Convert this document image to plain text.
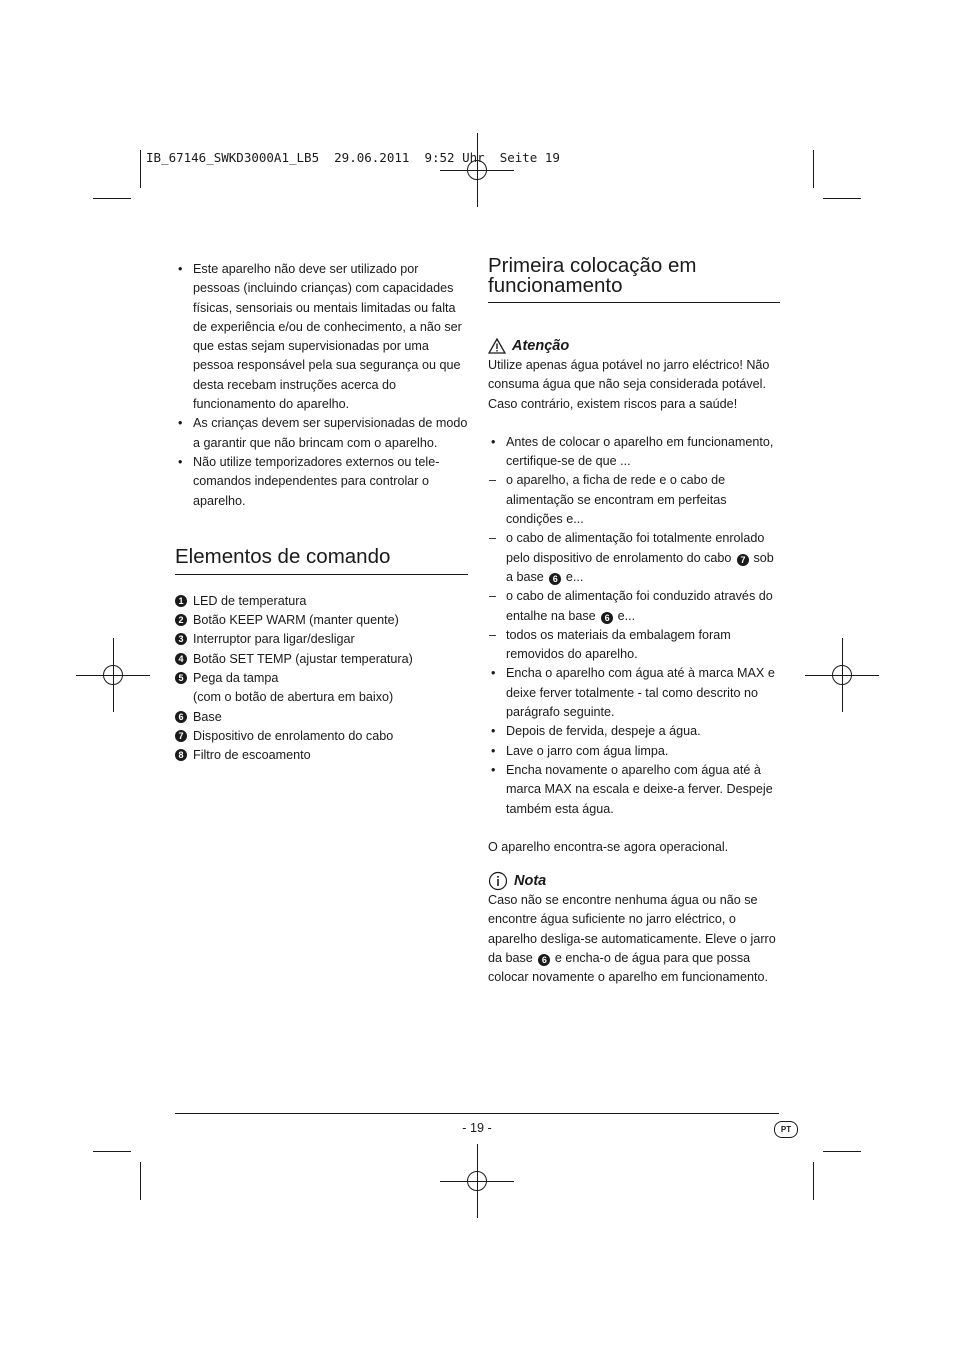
IB_67146_SWKD3000A1_LB5  29.06.2011  9:52 Uhr  Seite 19
• Este aparelho não deve ser utilizado por pessoas (incluindo crianças) com capacidades físicas, sensoriais ou mentais limitadas ou falta de experiência e/ou de conhecimento, a não ser que estas sejam supervisionadas por uma pessoa responsável pela sua segurança ou que desta recebam instruções acerca do funcionamento do aparelho.
• As crianças devem ser supervisionadas de modo a garantir que não brincam com o aparelho.
• Não utilize temporizadores externos ou tele-comandos independentes para controlar o aparelho.
Elementos de comando
1 LED de temperatura
2 Botão KEEP WARM (manter quente)
3 Interruptor para ligar/desligar
4 Botão SET TEMP (ajustar temperatura)
5 Pega da tampa
(com o botão de abertura em baixo)
6 Base
7 Dispositivo de enrolamento do cabo
8 Filtro de escoamento
Primeira colocação em funcionamento
Atenção

Utilize apenas água potável no jarro eléctrico! Não consuma água que não seja considerada potável. Caso contrário, existem riscos para a saúde!

• Antes de colocar o aparelho em funcionamento, certifique-se de que ...
– o aparelho, a ficha de rede e o cabo de alimentação se encontram em perfeitas condições e...
– o cabo de alimentação foi totalmente enrolado pelo dispositivo de enrolamento do cabo 7 sob a base 6 e...
– o cabo de alimentação foi conduzido através do entalhe na base 6 e...
– todos os materiais da embalagem foram removidos do aparelho.
• Encha o aparelho com água até à marca MAX e deixe ferver totalmente - tal como descrito no parágrafo seguinte.
• Depois de fervida, despeje a água.
• Lave o jarro com água limpa.
• Encha novamente o aparelho com água até à marca MAX na escala e deixe-a ferver. Despeje também esta água.

O aparelho encontra-se agora operacional.

Nota

Caso não se encontre nenhuma água ou não se encontre água suficiente no jarro eléctrico, o aparelho desliga-se automaticamente. Eleve o jarro da base 6 e encha-o de água para que possa colocar novamente o aparelho em funcionamento.

- 19 -	PT
